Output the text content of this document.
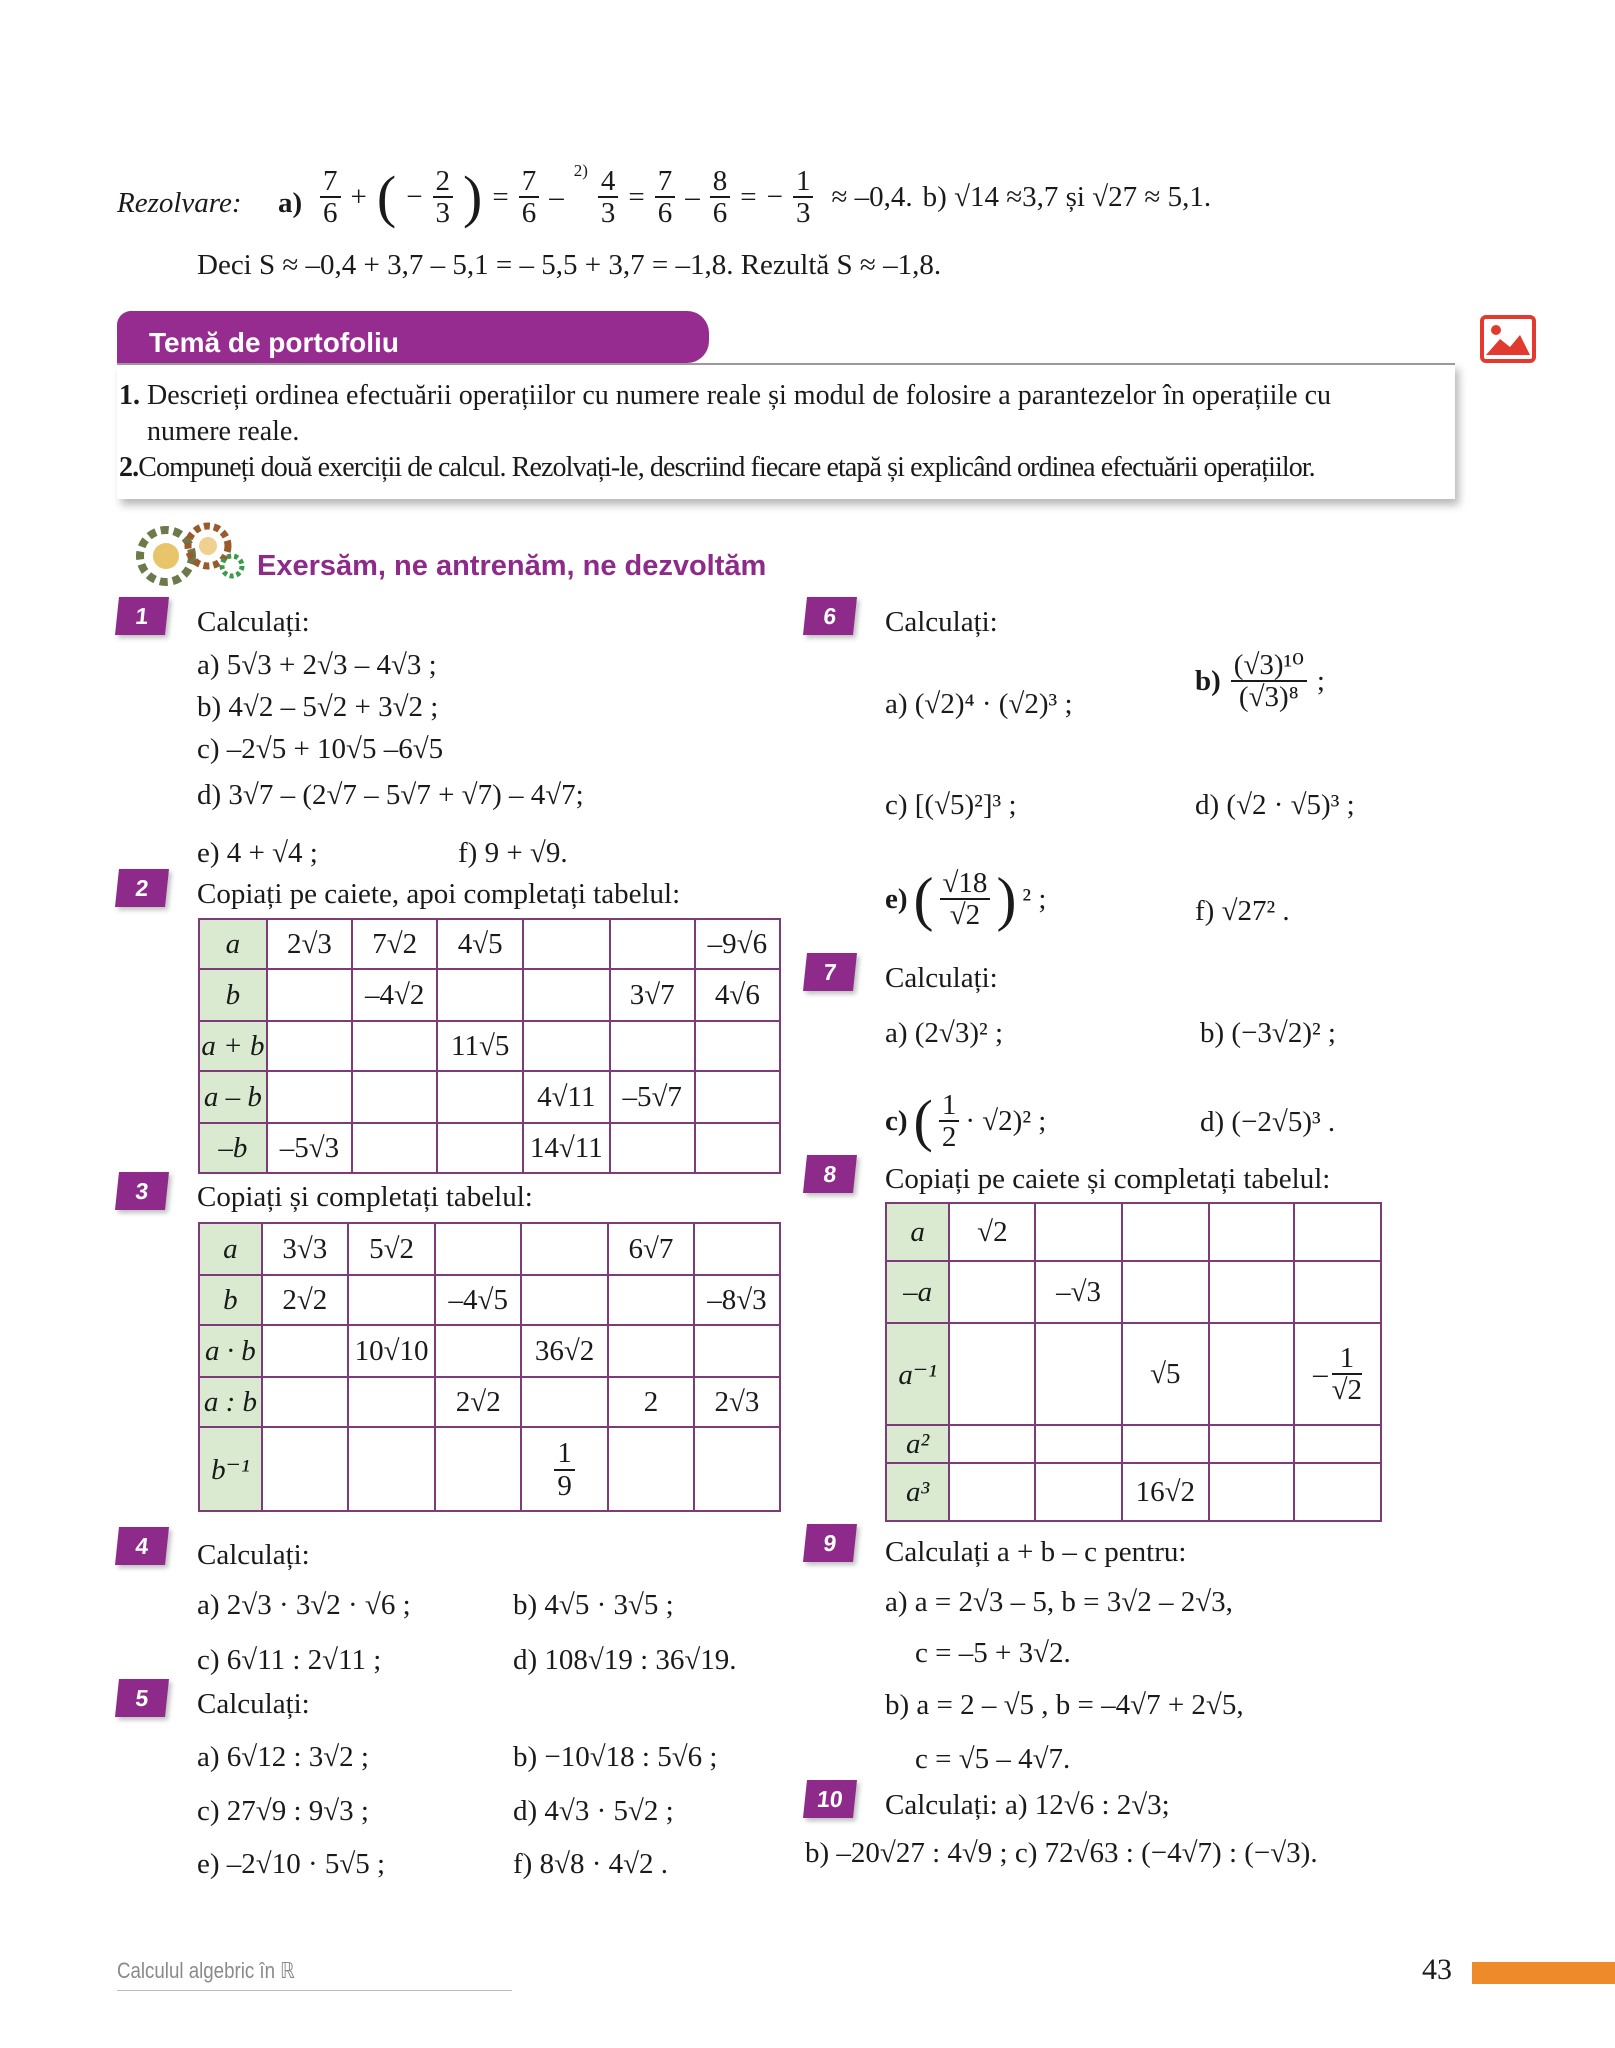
Rezolvare: $a) \frac{7}{6}$ + ( − $\frac{2}{3}$ ) = $\frac{7}{6}$ –
$2) \frac{4}{3} = \frac{7}{6} - \frac{8}{6}$ = − $\frac{1}{3} \approx -0,4$. b) √14 ≈3,7 și √27 ≈ 5,1.
Deci S ≈ –0,4 + 3,7 – 5,1 = – 5,5 + 3,7 = –1,8. Rezultă S ≈ –1,8.
1. Descrieți ordinea efectuării operațiilor cu numere reale și modul de folosire a parantezelor în operațiile cu
numere reale.
2.Compuneți două exerciții de calcul. Rezolvați-le, descriind fiecare etapă și explicând ordinea efectuării operațiilor.
Temă de portofoliu
Exersăm, ne antrenăm, ne dezvoltăm
1	Calculați:
a) 5√3 + 2√3 – 4√3 ;
b) 4√2 – 5√2 + 3√2 ;
c) –2√5 + 10√5 –6√5
d) 3√7 – (2√7 – 5√7 + √7) – 4√7;
e) 4 + √4 ;	f) 9 + √9.
2	Copiați pe caiete, apoi completați tabelul:
a	2√3	7√2	4√5			–9√6
b		–4√2			3√7	4√6
a + b			11√5			
a – b				4√11	–5√7	
–b	–5√3			14√11		
3	Copiați și completați tabelul:
a	3√3	5√2			6√7	
b	2√2		–4√5			–8√3
a · b		10√10		36√2		
a : b			2√2		2	2√3
b⁻¹				$\frac{1}{9}$

4	Calculați:
a) 2√3 · 3√2 · √6 ;	b) 4√5 · 3√5 ;
c) 6√11 : 2√11 ;	d) 108√19 : 36√19.
5	Calculați:
a) 6√12 : 3√2 ;	b) −10√18 : 5√6 ;
c) 27√9 : 9√3 ;	d) 4√3 · 5√2 ;
e) –2√10 · 5√5 ;	f) 8√8 · 4√2 .
6	Calculați:
a) (√2)⁴ · (√2)³ ;
$b) \frac{\text{(√3)¹⁰}}{\text{(√3)⁸}}$ ;
c) [(√5)²]³ ;	d) (√2 · √5)³ ;
e) ( $\frac{√18}{√2}$ ) ² ;	f) √27² .
7	Calculați:
a) (2√3)² ;	b) (−3√2)² ;
c) ( $\frac{1}{2} \cdot √2)^2$ ;	d) (−2√5)³ .
8	Copiați pe caiete și completați tabelul:
a	√2				
–a		–√3			
a⁻¹			√5		– $\frac{1}{√2}$

a²					
a³			16√2		
9	Calculați a + b – c pentru:
a) a = 2√3 – 5, b = 3√2 – 2√3,
c = –5 + 3√2.
b) a = 2 – √5 , b = –4√7 + 2√5,
c = √5 – 4√7.
10	Calculați: a) 12√6 : 2√3;
b) –20√27 : 4√9 ; c) 72√63 : (−4√7) : (−√3).
Calculul algebric în ℝ	43
